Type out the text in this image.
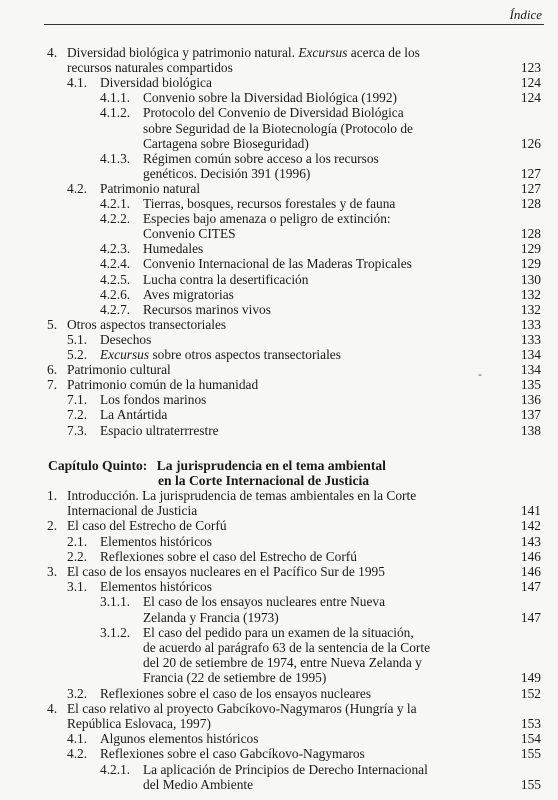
Índice
4. Diversidad biológica y patrimonio natural. Excursus acerca de los
recursos naturales compartidos	123
4.1. Diversidad biológica	124
4.1.1. Convenio sobre la Diversidad Biológica (1992)	124
4.1.2. Protocolo del Convenio de Diversidad Biológica
sobre Seguridad de la Biotecnología (Protocolo de
Cartagena sobre Bioseguridad)	126
4.1.3. Régimen común sobre acceso a los recursos
genéticos. Decisión 391 (1996)	127
4.2. Patrimonio natural	127
4.2.1. Tierras, bosques, recursos forestales y de fauna	128
4.2.2. Especies bajo amenaza o peligro de extinción:
Convenio CITES	128
4.2.3. Humedales	129
4.2.4. Convenio Internacional de las Maderas Tropicales	129
4.2.5. Lucha contra la desertificación	130
4.2.6. Aves migratorias	132
4.2.7. Recursos marinos vivos	132
5. Otros aspectos transectoriales	133
5.1. Desechos	133
5.2. Excursus sobre otros aspectos transectoriales	134
6. Patrimonio cultural	134
7. Patrimonio común de la humanidad	135
7.1. Los fondos marinos	136
7.2. La Antártida	137
7.3. Espacio ultraterrrestre	138
Capítulo Quinto: La jurisprudencia en el tema ambiental
en la Corte Internacional de Justicia
1. Introducción. La jurisprudencia de temas ambientales en la Corte
Internacional de Justicia	141
2. El caso del Estrecho de Corfú	142
2.1. Elementos históricos	143
2.2. Reflexiones sobre el caso del Estrecho de Corfú	146
3. El caso de los ensayos nucleares en el Pacífico Sur de 1995	146
3.1. Elementos históricos	147
3.1.1. El caso de los ensayos nucleares entre Nueva
Zelanda y Francia (1973)	147
3.1.2. El caso del pedido para un examen de la situación,
de acuerdo al parágrafo 63 de la sentencia de la Corte
del 20 de setiembre de 1974, entre Nueva Zelanda y
Francia (22 de setiembre de 1995)	149
3.2. Reflexiones sobre el caso de los ensayos nucleares	152
4. El caso relativo al proyecto Gabcíkovo-Nagymaros (Hungría y la
República Eslovaca, 1997)	153
4.1. Algunos elementos históricos	154
4.2. Reflexiones sobre el caso Gabcíkovo-Nagymaros	155
4.2.1. La aplicación de Principios de Derecho Internacional
del Medio Ambiente	155
-
